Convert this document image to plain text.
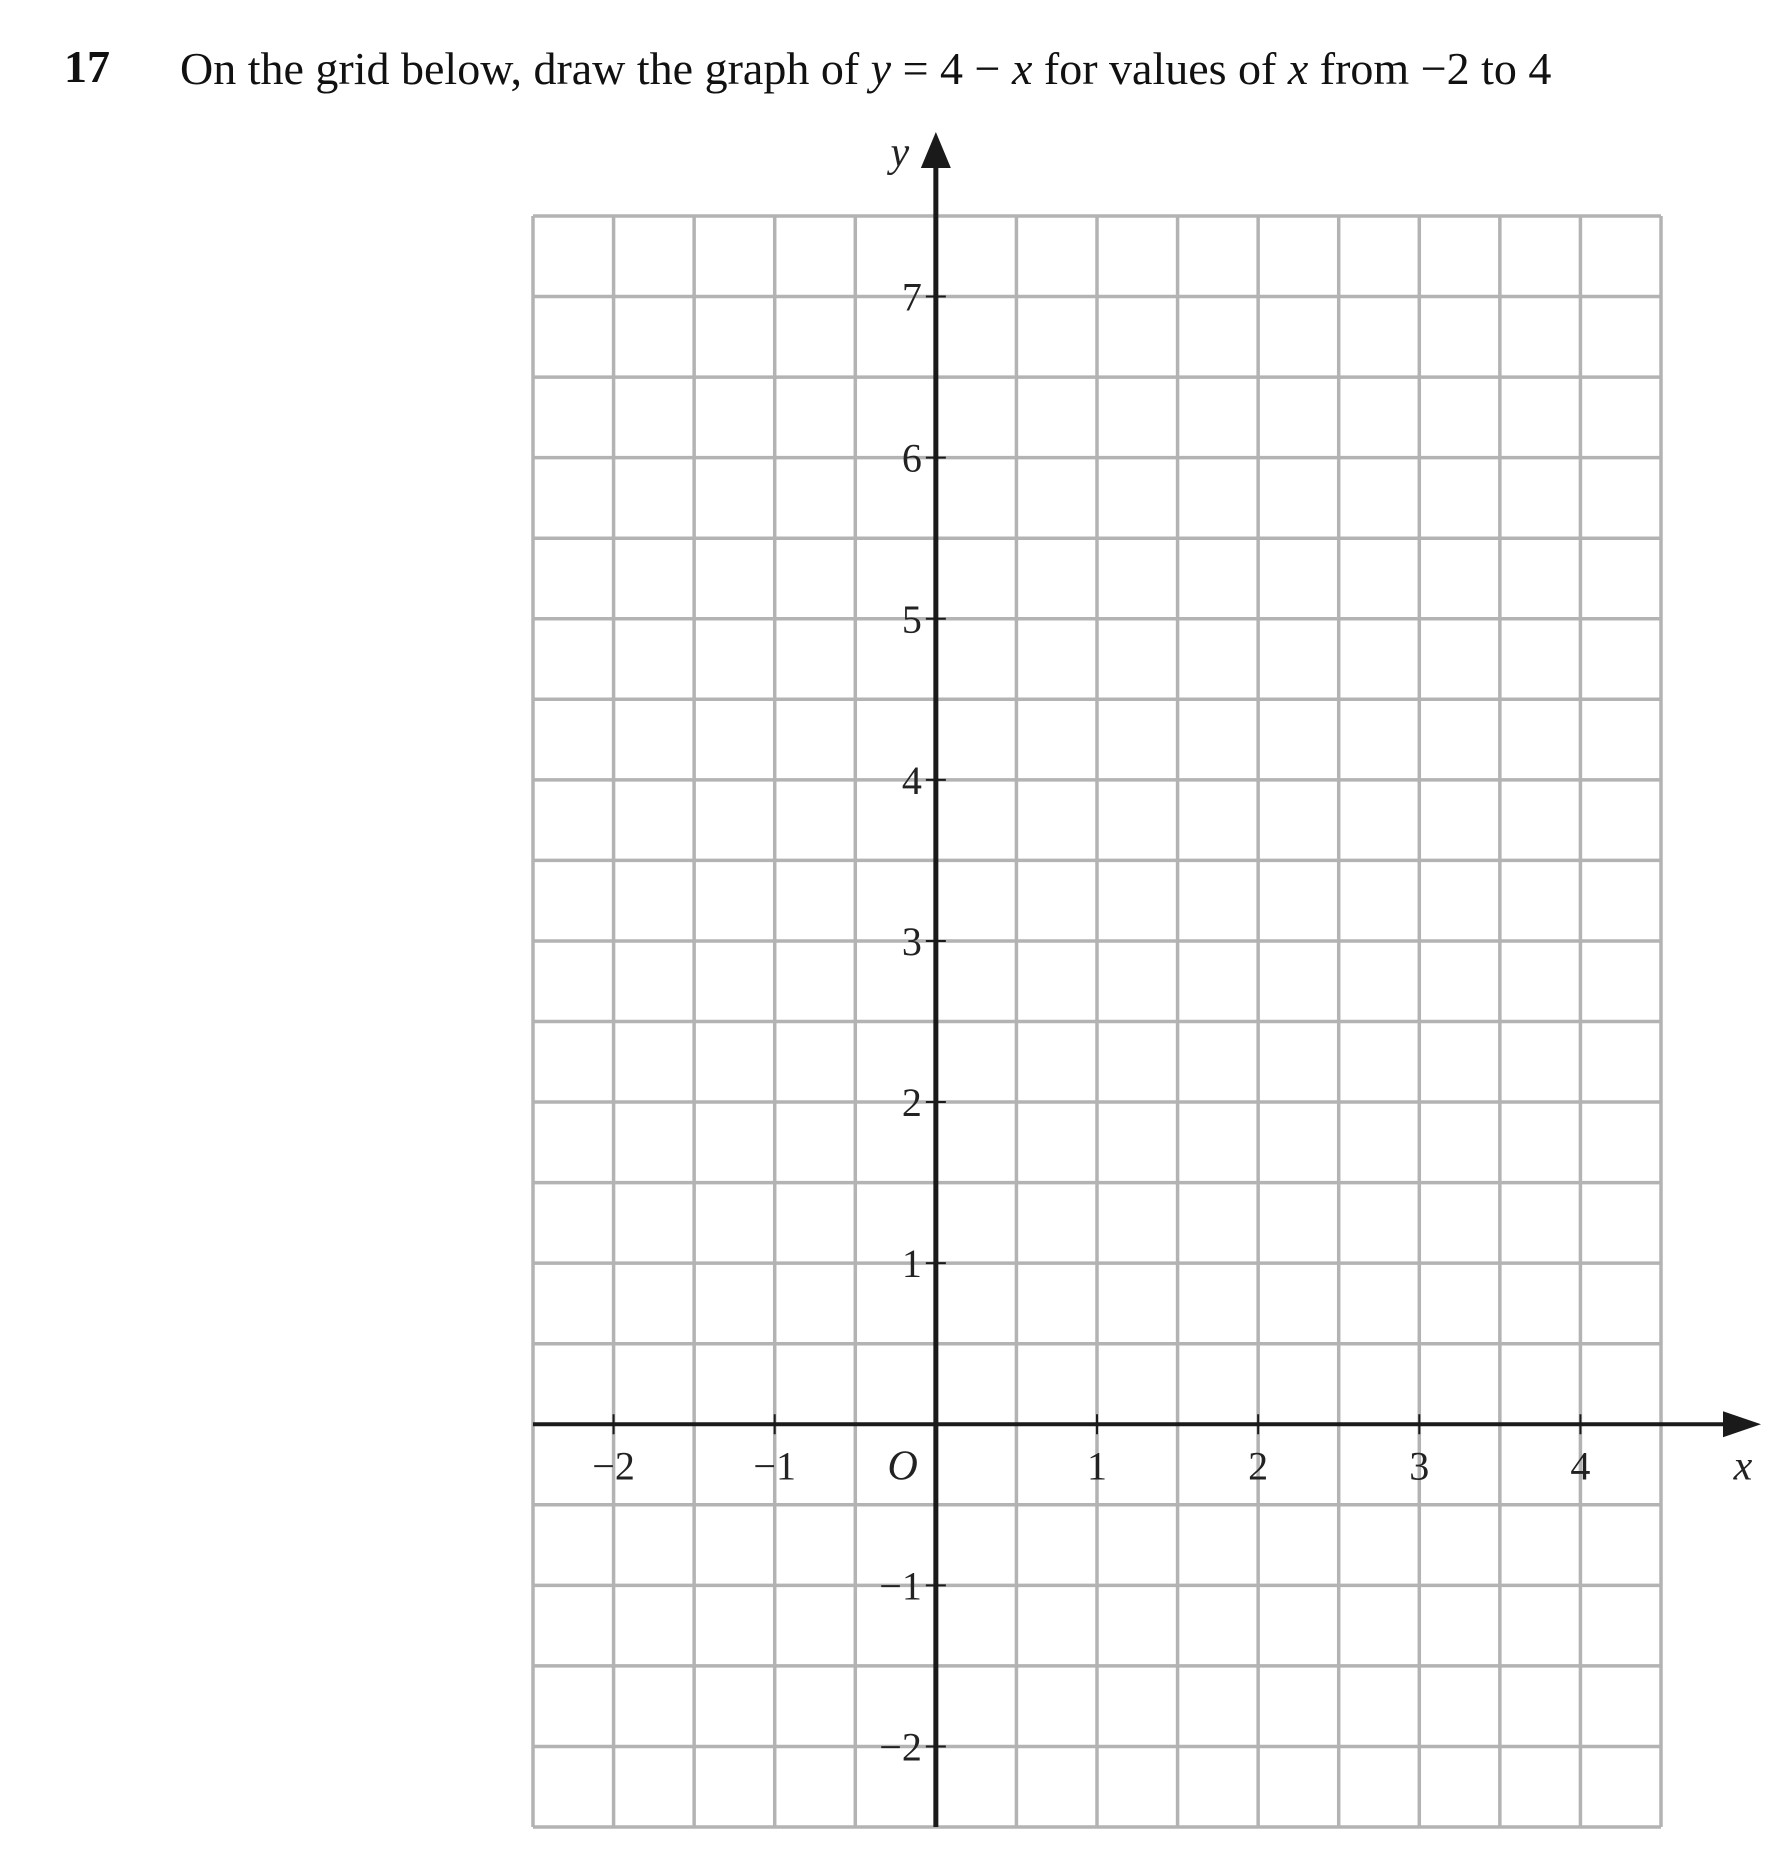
17 On the grid below, draw the graph of y = 4 − x for values of x from −2 to 4
−2	−1	1	2	3	4
7
6
5
4
3
2
1
−1
−2
O	x
y
